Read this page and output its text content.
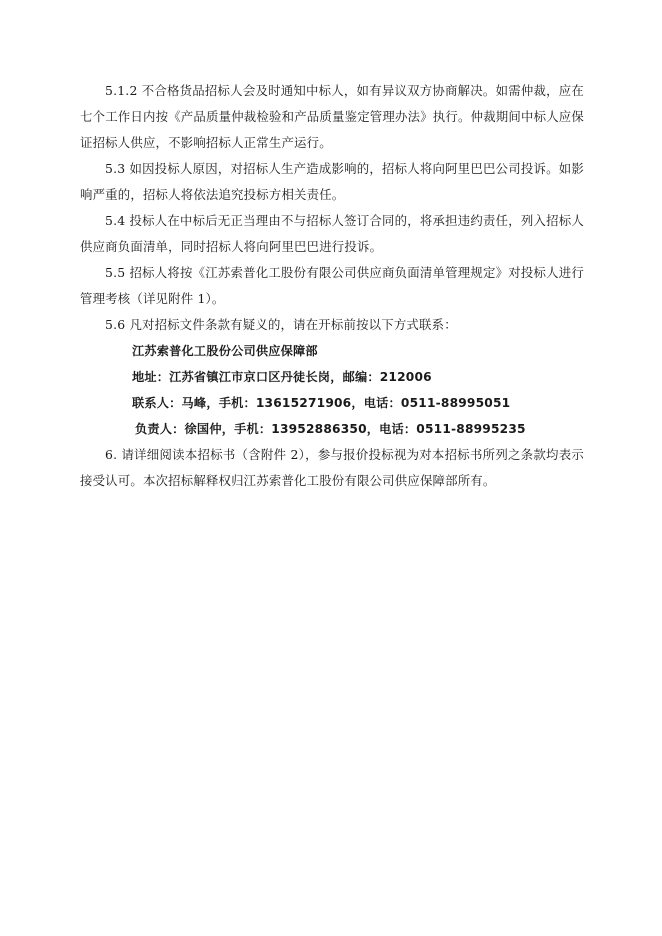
5.1.2 不合格货品招标人会及时通知中标人，如有异议双方协商解决。如需仲裁，应在七个工作日内按《产品质量仲裁检验和产品质量鉴定管理办法》执行。仲裁期间中标人应保证招标人供应，不影响招标人正常生产运行。

5.3 如因投标人原因，对招标人生产造成影响的，招标人将向阿里巴巴公司投诉。如影响严重的，招标人将依法追究投标方相关责任。

5.4 投标人在中标后无正当理由不与招标人签订合同的，将承担违约责任，列入招标人供应商负面清单，同时招标人将向阿里巴巴进行投诉。

5.5 招标人将按《江苏索普化工股份有限公司供应商负面清单管理规定》对投标人进行管理考核（详见附件 1）。

5.6 凡对招标文件条款有疑义的，请在开标前按以下方式联系：

江苏索普化工股份公司供应保障部

地址：江苏省镇江市京口区丹徒长岗，邮编：212006

联系人：马峰，手机：13615271906，电话：0511-88995051

负责人：徐国仲，手机：13952886350，电话：0511-88995235

6. 请详细阅读本招标书（含附件 2），参与报价投标视为对本招标书所列之条款均表示接受认可。本次招标解释权归江苏索普化工股份有限公司供应保障部所有。
